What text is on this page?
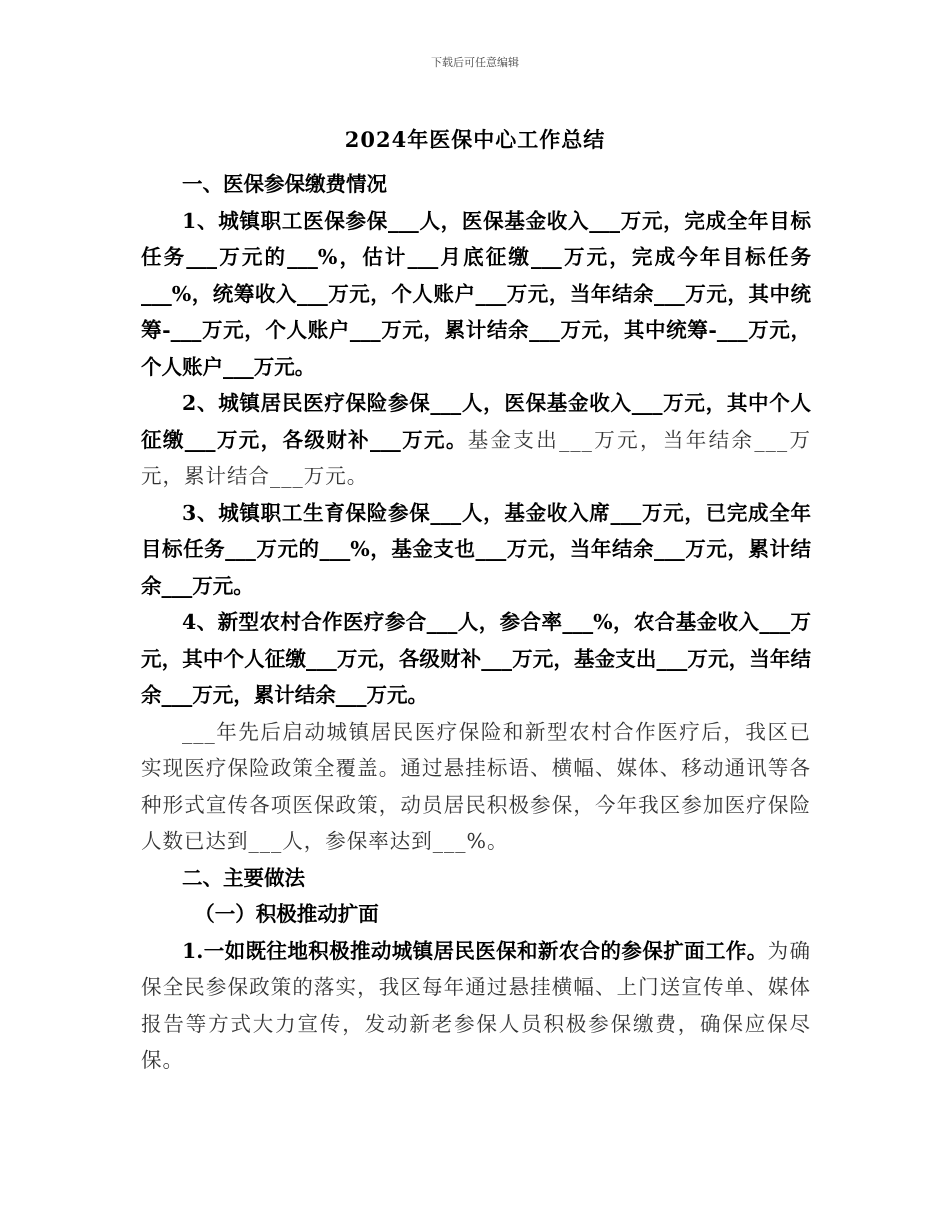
下载后可任意编辑
2024年医保中心工作总结

一、医保参保缴费情况

1、城镇职工医保参保___人，医保基金收入___万元，完成全年目标任务___万元的___%，估计___月底征缴___万元，完成今年目标任务___%，统筹收入___万元，个人账户___万元，当年结余___万元，其中统筹-___万元，个人账户___万元，累计结余___万元，其中统筹-___万元，个人账户___万元。

2、城镇居民医疗保险参保___人，医保基金收入___万元，其中个人征缴___万元，各级财补___万元。基金支出___万元，当年结余___万元，累计结合___万元。

3、城镇职工生育保险参保___人，基金收入席___万元，已完成全年目标任务___万元的___%，基金支也___万元，当年结余___万元，累计结余___万元。

4、新型农村合作医疗参合___人，参合率___%，农合基金收入___万元，其中个人征缴___万元，各级财补___万元，基金支出___万元，当年结余___万元，累计结余___万元。

___年先后启动城镇居民医疗保险和新型农村合作医疗后，我区已实现医疗保险政策全覆盖。通过悬挂标语、横幅、媒体、移动通讯等各种形式宣传各项医保政策，动员居民积极参保，今年我区参加医疗保险人数已达到___人，参保率达到___%。

二、主要做法

（一）积极推动扩面

1.一如既往地积极推动城镇居民医保和新农合的参保扩面工作。为确保全民参保政策的落实，我区每年通过悬挂横幅、上门送宣传单、媒体报告等方式大力宣传，发动新老参保人员积极参保缴费，确保应保尽保。
